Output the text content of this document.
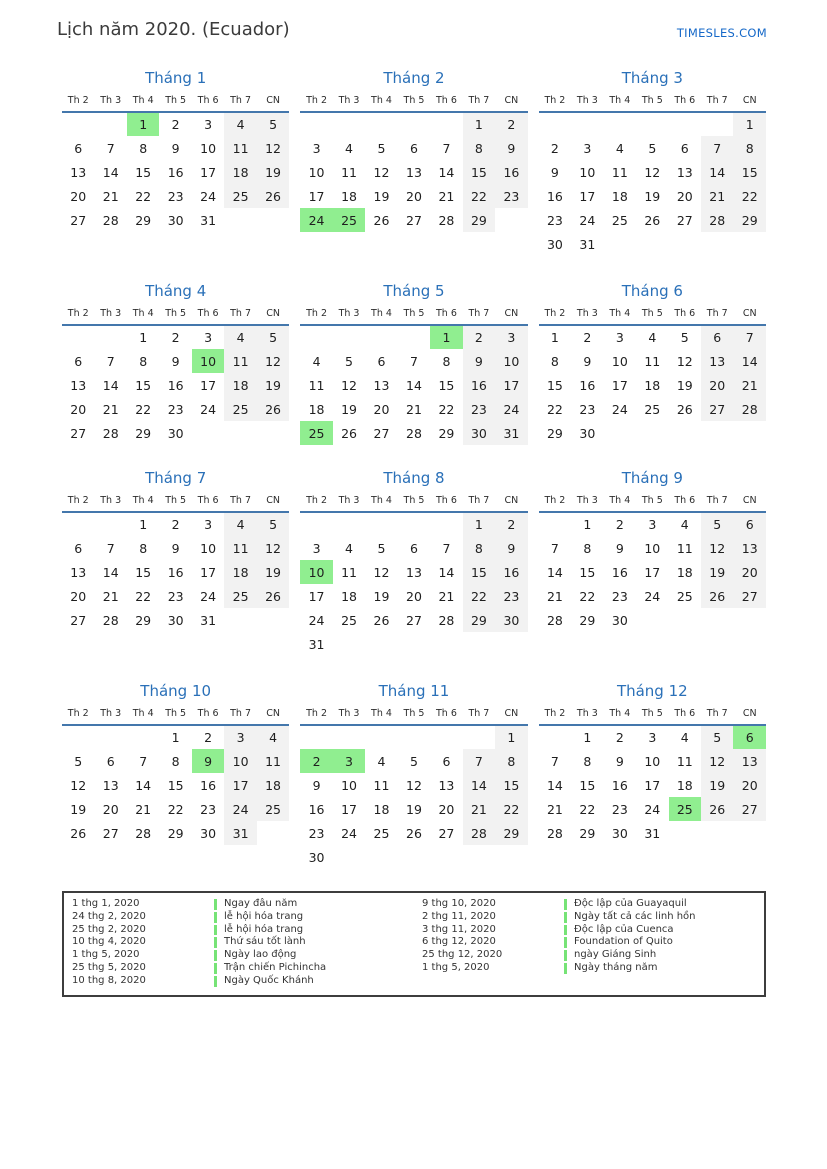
Lịch năm 2020. (Ecuador)	TIMESLES.COM
Tháng 1
Th 2	Th 3	Th 4	Th 5	Th 6	Th 7	CN
		1	2	3	4	5
6	7	8	9	10	11	12
13	14	15	16	17	18	19
20	21	22	23	24	25	26
27	28	29	30	31		
Tháng 2
Th 2	Th 3	Th 4	Th 5	Th 6	Th 7	CN
					1	2
3	4	5	6	7	8	9
10	11	12	13	14	15	16
17	18	19	20	21	22	23
24	25	26	27	28	29	
Tháng 3
Th 2	Th 3	Th 4	Th 5	Th 6	Th 7	CN
						1
2	3	4	5	6	7	8
9	10	11	12	13	14	15
16	17	18	19	20	21	22
23	24	25	26	27	28	29
30	31					
Tháng 4
Th 2	Th 3	Th 4	Th 5	Th 6	Th 7	CN
		1	2	3	4	5
6	7	8	9	10	11	12
13	14	15	16	17	18	19
20	21	22	23	24	25	26
27	28	29	30			
Tháng 5
Th 2	Th 3	Th 4	Th 5	Th 6	Th 7	CN
				1	2	3
4	5	6	7	8	9	10
11	12	13	14	15	16	17
18	19	20	21	22	23	24
25	26	27	28	29	30	31
Tháng 6
Th 2	Th 3	Th 4	Th 5	Th 6	Th 7	CN
1	2	3	4	5	6	7
8	9	10	11	12	13	14
15	16	17	18	19	20	21
22	23	24	25	26	27	28
29	30					
Tháng 7
Th 2	Th 3	Th 4	Th 5	Th 6	Th 7	CN
		1	2	3	4	5
6	7	8	9	10	11	12
13	14	15	16	17	18	19
20	21	22	23	24	25	26
27	28	29	30	31		
Tháng 8
Th 2	Th 3	Th 4	Th 5	Th 6	Th 7	CN
					1	2
3	4	5	6	7	8	9
10	11	12	13	14	15	16
17	18	19	20	21	22	23
24	25	26	27	28	29	30
31						
Tháng 9
Th 2	Th 3	Th 4	Th 5	Th 6	Th 7	CN
	1	2	3	4	5	6
7	8	9	10	11	12	13
14	15	16	17	18	19	20
21	22	23	24	25	26	27
28	29	30				
Tháng 10
Th 2	Th 3	Th 4	Th 5	Th 6	Th 7	CN
			1	2	3	4
5	6	7	8	9	10	11
12	13	14	15	16	17	18
19	20	21	22	23	24	25
26	27	28	29	30	31	
Tháng 11
Th 2	Th 3	Th 4	Th 5	Th 6	Th 7	CN
						1
2	3	4	5	6	7	8
9	10	11	12	13	14	15
16	17	18	19	20	21	22
23	24	25	26	27	28	29
30						
Tháng 12
Th 2	Th 3	Th 4	Th 5	Th 6	Th 7	CN
	1	2	3	4	5	6
7	8	9	10	11	12	13
14	15	16	17	18	19	20
21	22	23	24	25	26	27
28	29	30	31			
1 thg 1, 2020	Ngay đâu năm
24 thg 2, 2020	lễ hội hóa trang
25 thg 2, 2020	lễ hội hóa trang
10 thg 4, 2020	Thứ sáu tốt lành
1 thg 5, 2020	Ngày lao động
25 thg 5, 2020	Trận chiến Pichincha
10 thg 8, 2020	Ngày Quốc Khánh
9 thg 10, 2020	Độc lập của Guayaquil
2 thg 11, 2020	Ngày tất cả các linh hồn
3 thg 11, 2020	Độc lập của Cuenca
6 thg 12, 2020	Foundation of Quito
25 thg 12, 2020	ngày Giáng Sinh
1 thg 5, 2020	Ngày tháng năm
